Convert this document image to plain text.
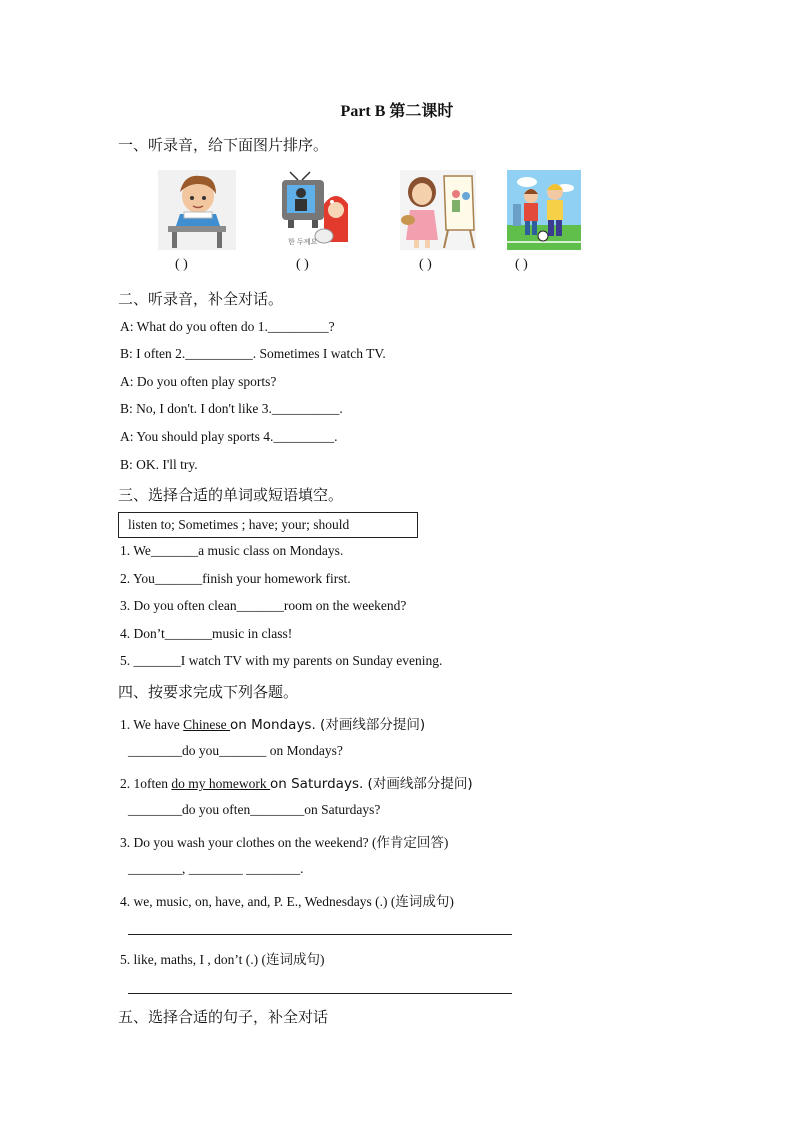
Part B 第二课时
一、听录音，给下面图片排序。
한 두께요
( )	( )	( )	( )
二、听录音，补全对话。
A: What do you often do 1._________?
B: I often 2.__________. Sometimes I watch TV.
A: Do you often play sports?
B: No, I don't. I don't like 3.__________.
A: You should play sports 4._________.
B: OK. I'll try.
三、选择合适的单词或短语填空。
listen to; Sometimes ; have; your; should
1. We_______a music class on Mondays.
2. You_______finish your homework first.
3. Do you often clean_______room on the weekend?
4. Don’t_______music in class!
5. _______I watch TV with my parents on Sunday evening.
四、按要求完成下列各题。
1. We have Chinese on Mondays. (对画线部分提问)
________do you_______ on Mondays?
2. 1often do my homework on Saturdays. (对画线部分提问)
________do you often________on Saturdays?
3. Do you wash your clothes on the weekend? (作肯定回答)
________, ________ ________.
4. we, music, on, have, and, P. E., Wednesdays (.) (连词成句)
5. like, maths, I , don’t (.) (连词成句)
五、选择合适的句子，补全对话
